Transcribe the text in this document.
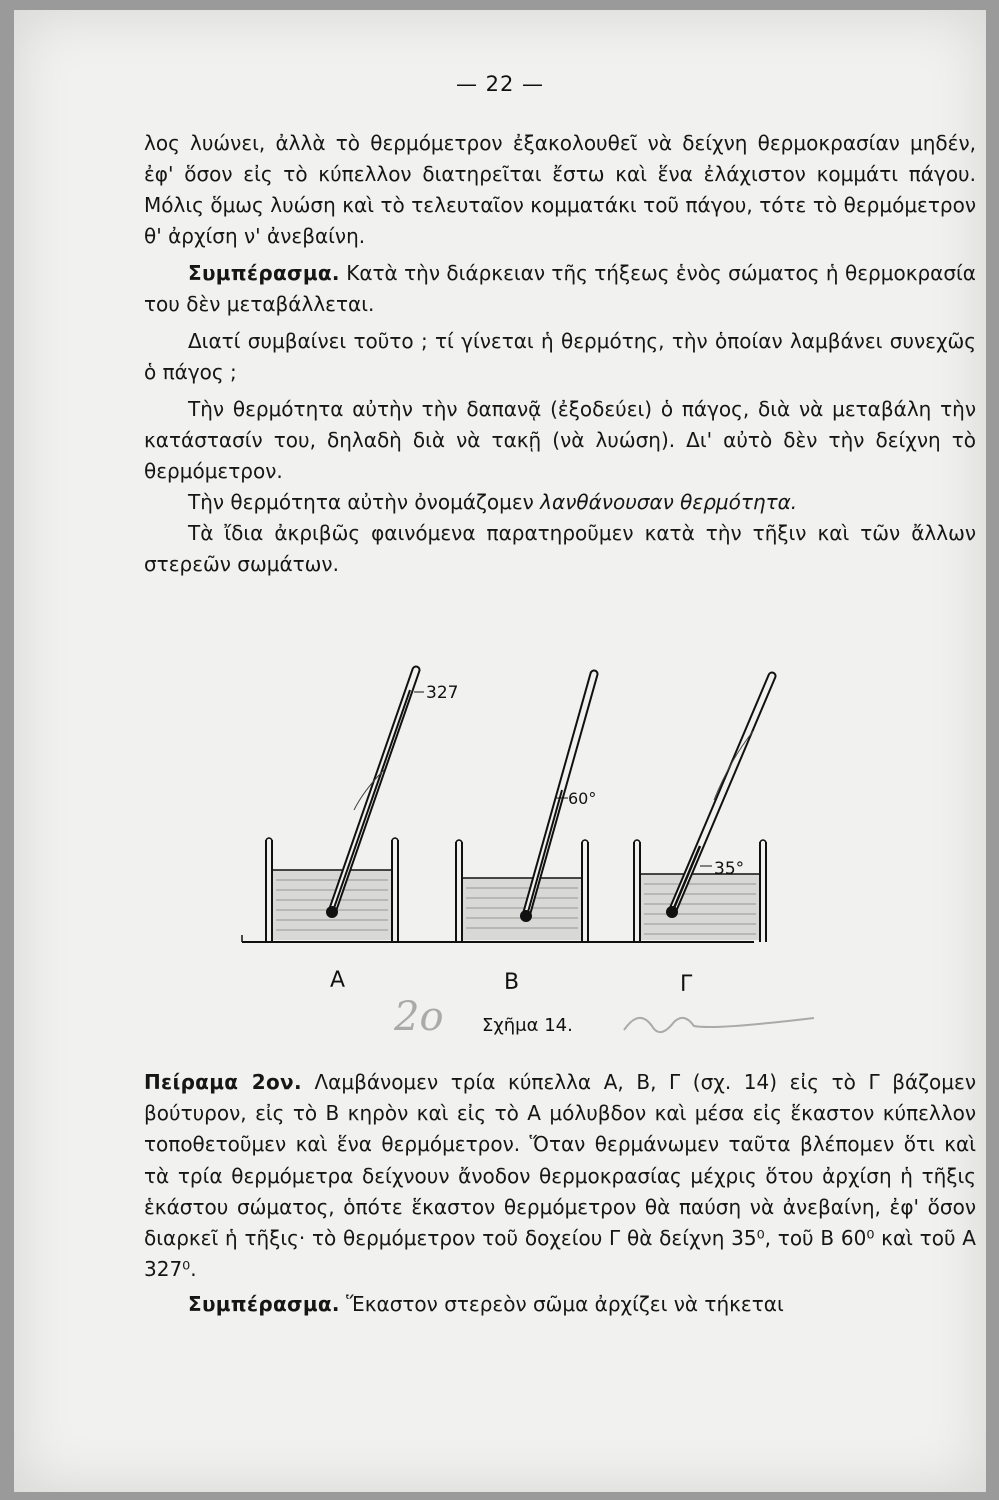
— 22 —

λος λυώνει, ἀλλὰ τὸ θερμόμετρον ἐξακολουθεῖ νὰ δείχνη θερμοκρασίαν μηδέν, ἐφ' ὅσον εἰς τὸ κύπελλον διατηρεῖται ἔστω καὶ ἕνα ἐλάχιστον κομμάτι πάγου. Μόλις ὅμως λυώση καὶ τὸ τελευταῖον κομματάκι τοῦ πάγου, τότε τὸ θερμόμετρον θ' ἀρχίση ν' ἀνεβαίνη.

Συμπέρασμα. Κατὰ τὴν διάρκειαν τῆς τήξεως ἑνὸς σώματος ἡ θερμοκρασία του δὲν μεταβάλλεται.

Διατί συμβαίνει τοῦτο ; τί γίνεται ἡ θερμότης, τὴν ὁποίαν λαμβάνει συνεχῶς ὁ πάγος ;

Τὴν θερμότητα αὐτὴν τὴν δαπανᾷ (ἐξοδεύει) ὁ πάγος, διὰ νὰ μεταβάλη τὴν κατάστασίν του, δηλαδὴ διὰ νὰ τακῇ (νὰ λυώση). Δι' αὐτὸ δὲν τὴν δείχνη τὸ θερμόμετρον.

Τὴν θερμότητα αὐτὴν ὀνομάζομεν λανθάνουσαν θερμότητα.

Τὰ ἴδια ἀκριβῶς φαινόμενα παρατηροῦμεν κατὰ τὴν τῆξιν καὶ τῶν ἄλλων στερεῶν σωμάτων.

327
60°
35°
Α	Β	Γ
2ο Σχῆμα 14.

Πείραμα 2ον. Λαμβάνομεν τρία κύπελλα Α, Β, Γ (σχ. 14) εἰς τὸ Γ βάζομεν βούτυρον, εἰς τὸ Β κηρὸν καὶ εἰς τὸ Α μόλυβδον καὶ μέσα εἰς ἕκαστον κύπελλον τοποθετοῦμεν καὶ ἕνα θερμόμετρον. Ὅταν θερμάνωμεν ταῦτα βλέπομεν ὅτι καὶ τὰ τρία θερμόμετρα δείχνουν ἄνοδον θερμοκρασίας μέχρις ὅτου ἀρχίση ἡ τῆξις ἑκάστου σώματος, ὁπότε ἕκαστον θερμόμετρον θὰ παύση νὰ ἀνεβαίνη, ἐφ' ὅσον διαρκεῖ ἡ τῆξις· τὸ θερμόμετρον τοῦ δοχείου Γ θὰ δείχνη 35⁰, τοῦ Β 60⁰ καὶ τοῦ Α 327⁰.

Συμπέρασμα. Ἕκαστον στερεὸν σῶμα ἀρχίζει νὰ τήκεται
